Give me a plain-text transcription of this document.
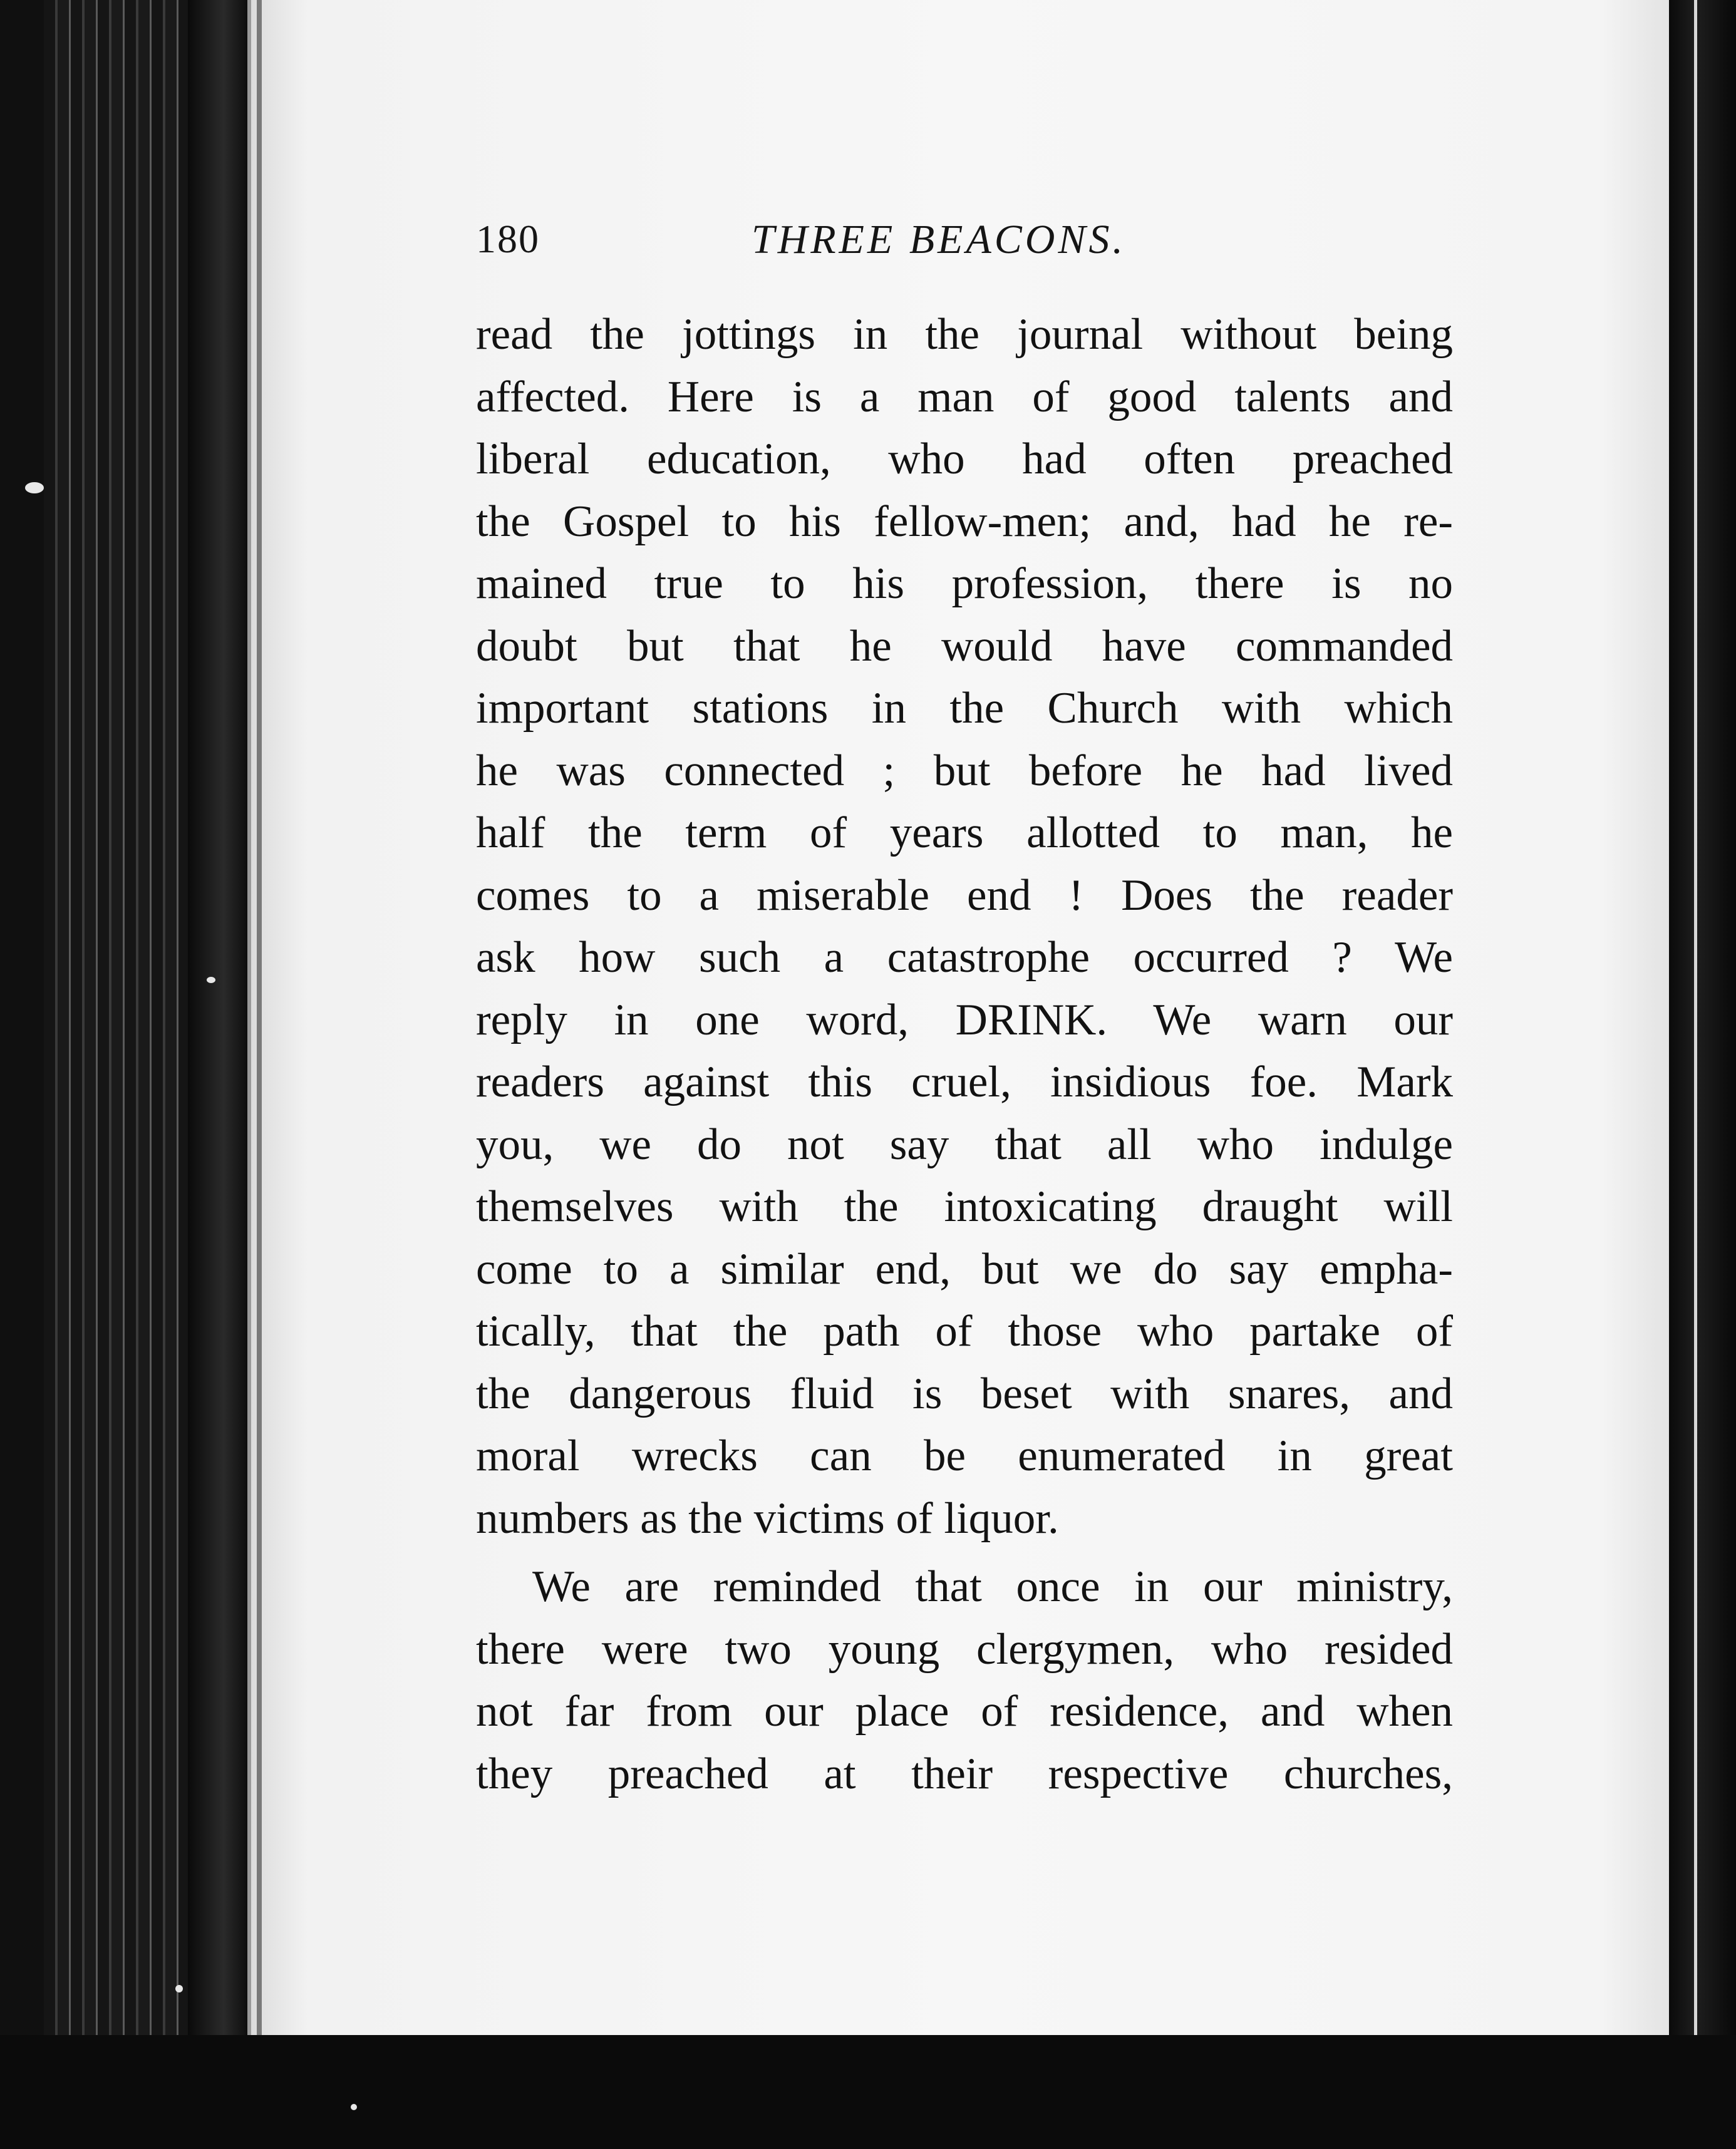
180	THREE BEACONS.
read the jottings in the journal without being
affected. Here is a man of good talents and
liberal education, who had often preached
the Gospel to his fellow-men; and, had he re-
mained true to his profession, there is no
doubt but that he would have commanded
important stations in the Church with which
he was connected ; but before he had lived
half the term of years allotted to man, he
comes to a miserable end ! Does the reader
ask how such a catastrophe occurred ? We
reply in one word, DRINK. We warn our
readers against this cruel, insidious foe. Mark
you, we do not say that all who indulge
themselves with the intoxicating draught will
come to a similar end, but we do say empha-
tically, that the path of those who partake of
the dangerous fluid is beset with snares, and
moral wrecks can be enumerated in great
numbers as the victims of liquor.
We are reminded that once in our ministry,
there were two young clergymen, who resided
not far from our place of residence, and when
they preached at their respective churches,
